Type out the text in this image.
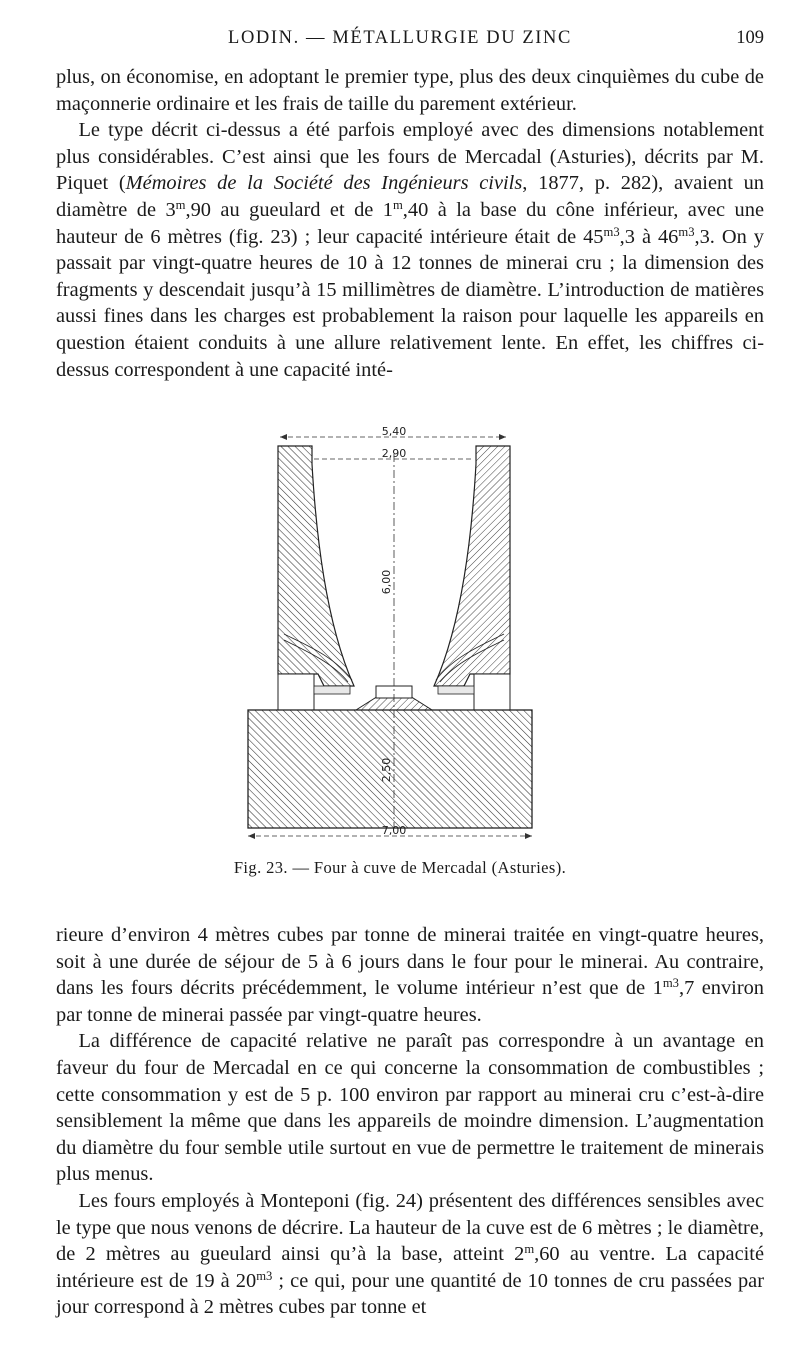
LODIN. — MÉTALLURGIE DU ZINC	109

plus, on économise, en adoptant le premier type, plus des deux cinquièmes du cube de maçonnerie ordinaire et les frais de taille du parement extérieur.

Le type décrit ci-dessus a été parfois employé avec des dimensions notablement plus considérables. C’est ainsi que les fours de Mercadal (Asturies), décrits par M. Piquet (Mémoires de la Société des Ingénieurs civils, 1877, p. 282), avaient un diamètre de 3$^m$,90 au gueulard et de 1$^m$,40 à la base du cône inférieur, avec une hauteur de 6 mètres (fig. 23) ; leur capacité intérieure était de $45^{m3},3$ à $46^{m3},3$. On y passait par vingt-quatre heures de 10 à 12 tonnes de minerai cru ; la dimension des fragments y descendait jusqu’à 15 millimètres de diamètre. L’introduction de matières aussi fines dans les charges est probablement la raison pour laquelle les appareils en question étaient conduits à une allure relativement lente. En effet, les chiffres ci-dessus correspondent à une capacité inté-

5,40
2,90
6,00
2,50
7,00
Fig. 23. — Four à cuve de Mercadal (Asturies).

rieure d’environ 4 mètres cubes par tonne de minerai traitée en vingt-quatre heures, soit à une durée de séjour de 5 à 6 jours dans le four pour le minerai. Au contraire, dans les fours décrits précédemment, le volume intérieur n’est que de $1^{m3},7$ environ par tonne de minerai passée par vingt-quatre heures.

La différence de capacité relative ne paraît pas correspondre à un avantage en faveur du four de Mercadal en ce qui concerne la consommation de combustibles ; cette consommation y est de 5 p. 100 environ par rapport au minerai cru c’est-à-dire sensiblement la même que dans les appareils de moindre dimension. L’augmentation du diamètre du four semble utile surtout en vue de permettre le traitement de minerais plus menus.

Les fours employés à Monteponi (fig. 24) présentent des différences sensibles avec le type que nous venons de décrire. La hauteur de la cuve est de 6 mètres ; le diamètre, de 2 mètres au gueulard ainsi qu’à la base, atteint 2$^m$,60 au ventre. La capacité intérieure est de 19 à $20^{m3}$ ; ce qui, pour une quantité de 10 tonnes de cru passées par jour correspond à 2 mètres cubes par tonne et
